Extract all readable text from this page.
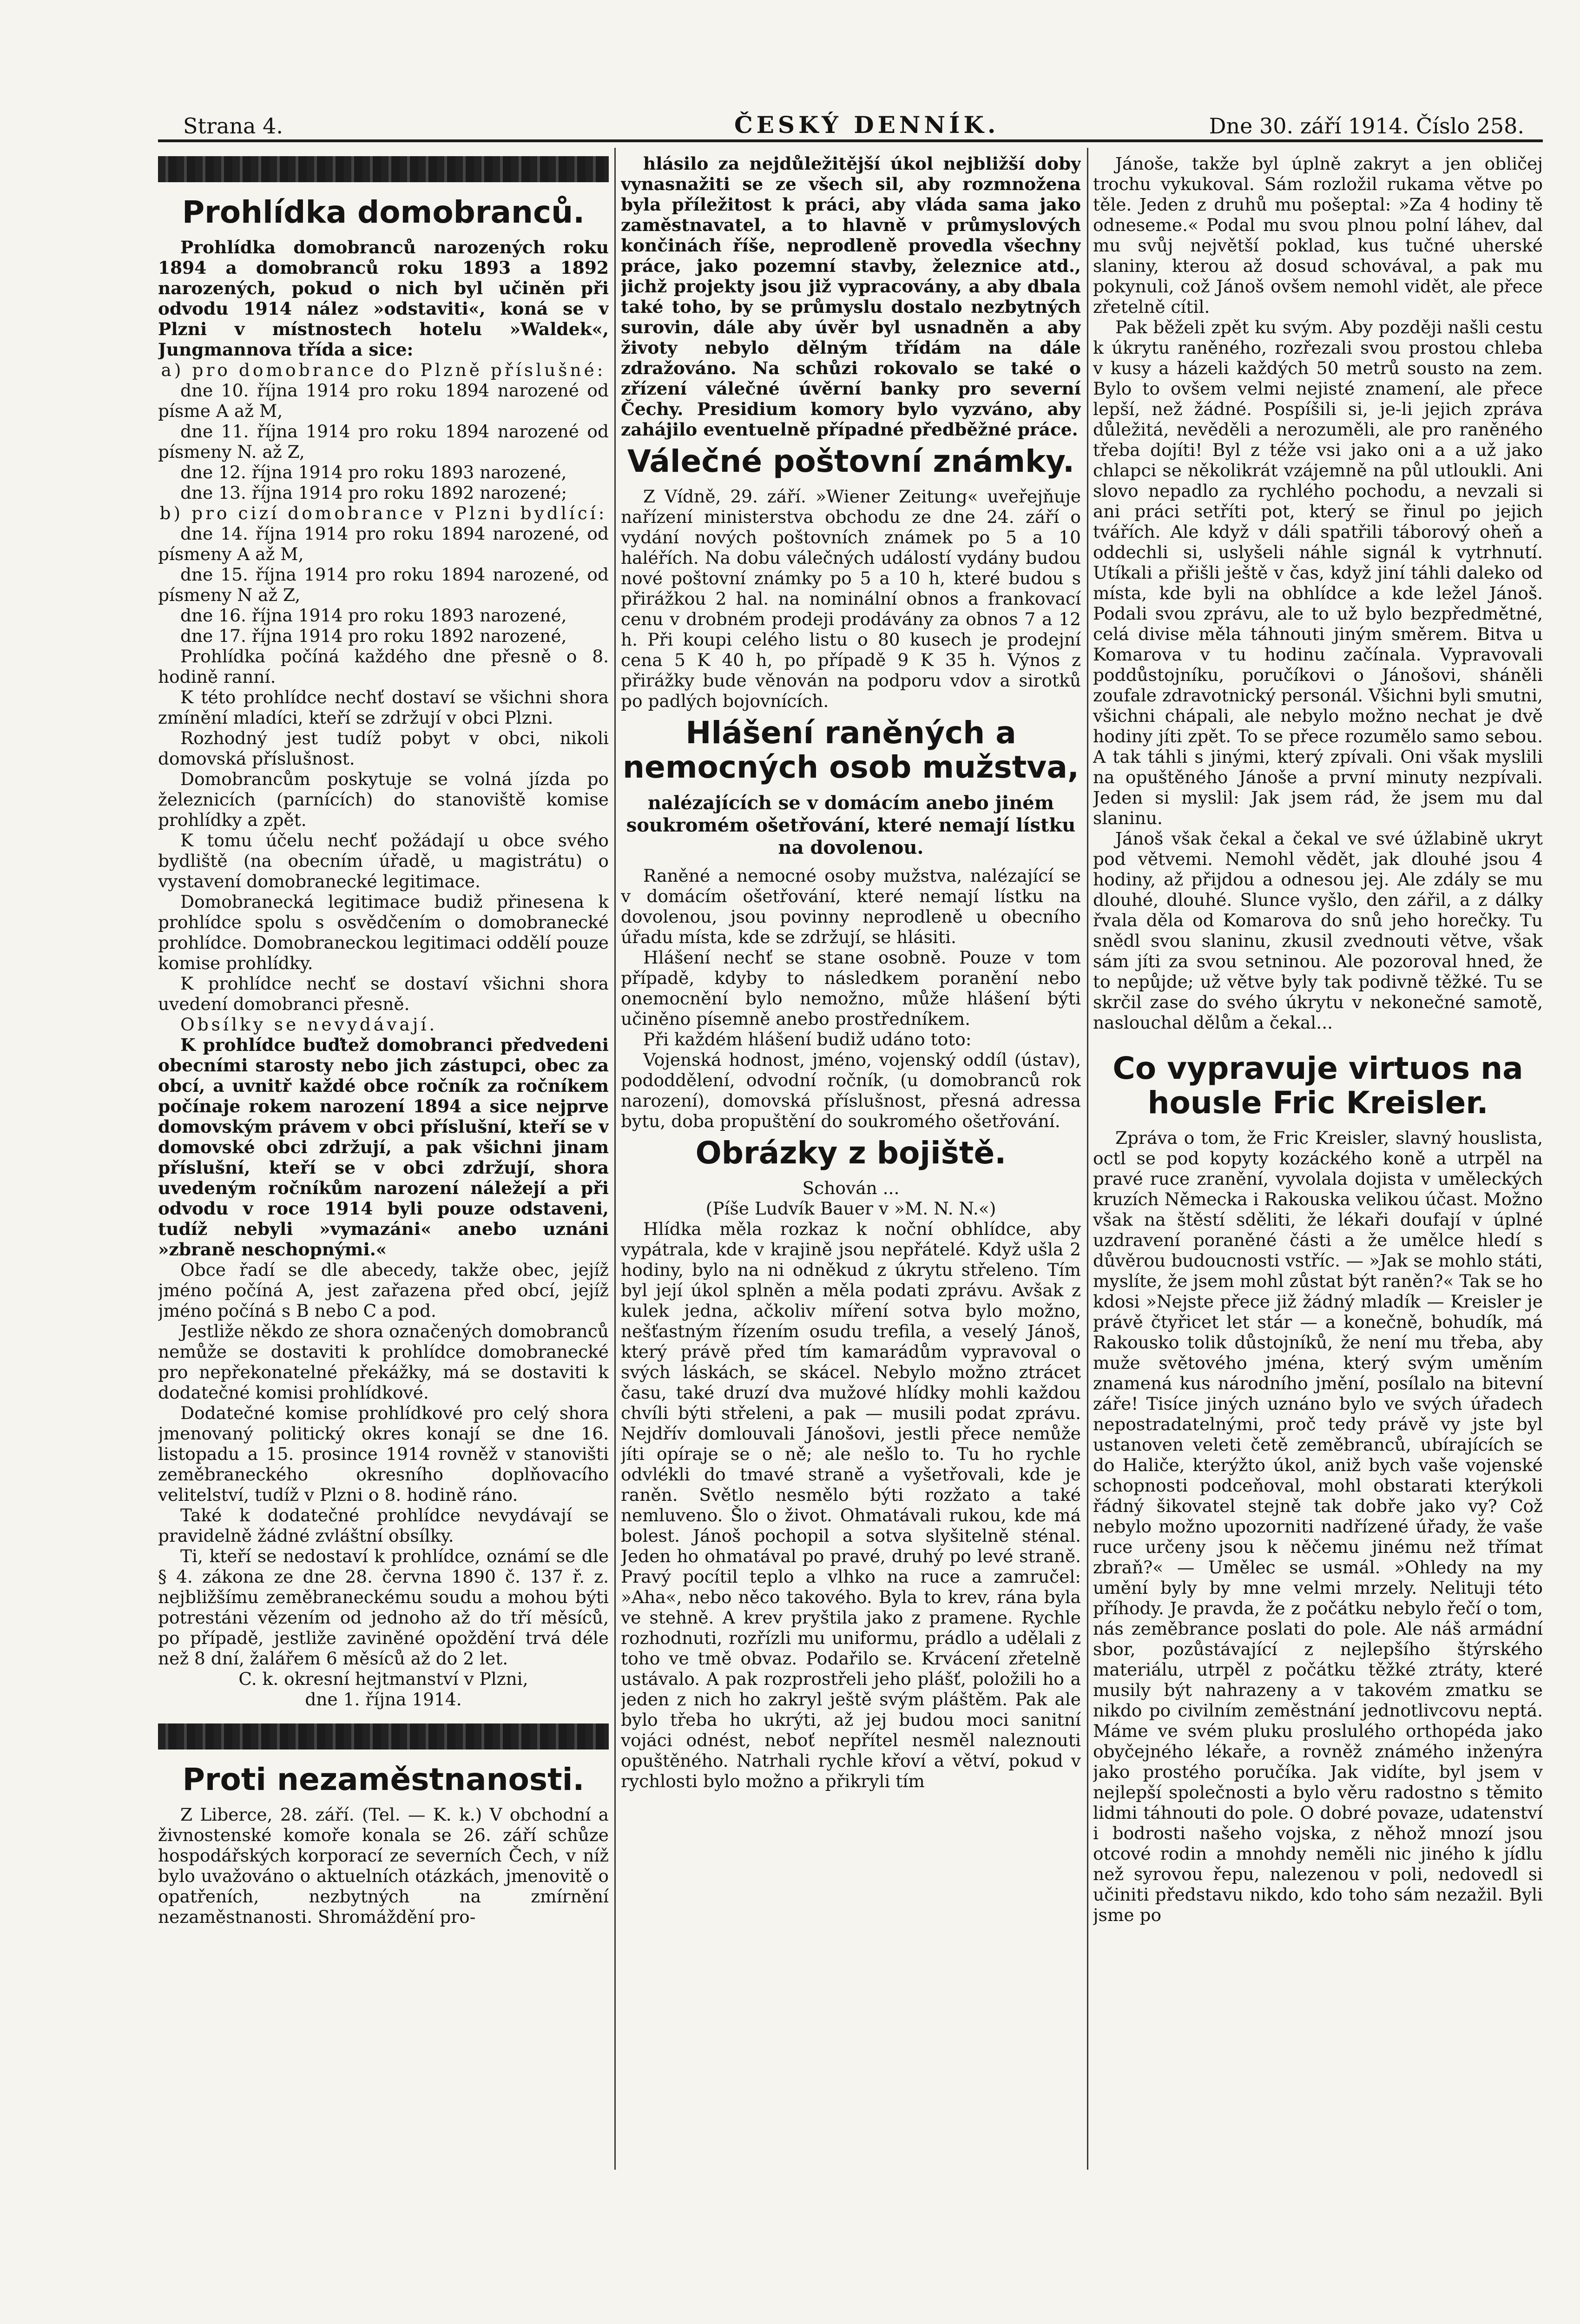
Strana 4.	ČESKÝ DENNÍK.	Dne 30. září 1914. Číslo 258.
Prohlídka domobranců.

Prohlídka domobranců narozených roku 1894 a domobranců roku 1893 a 1892 narozených, pokud o nich byl učiněn při odvodu 1914 nález »odstaviti«, koná se v Plzni v místnostech hotelu »Waldek«, Jungmannova třída a sice:

a) pro domobrance do Plzně příslušné:

dne 10. října 1914 pro roku 1894 narozené od písme A až M,

dne 11. října 1914 pro roku 1894 narozené od písmeny N. až Z,

dne 12. října 1914 pro roku 1893 narozené,

dne 13. října 1914 pro roku 1892 narozené;

b) pro cizí domobrance v Plzni bydlící:

dne 14. října 1914 pro roku 1894 narozené, od písmeny A až M,

dne 15. října 1914 pro roku 1894 narozené, od písmeny N až Z,

dne 16. října 1914 pro roku 1893 narozené,

dne 17. října 1914 pro roku 1892 narozené,

Prohlídka počíná každého dne přesně o 8. hodině ranní.

K této prohlídce nechť dostaví se všichni shora zmínění mladíci, kteří se zdržují v obci Plzni.

Rozhodný jest tudíž pobyt v obci, nikoli domovská příslušnost.

Domobrancům poskytuje se volná jízda po železnicích (parnících) do stanoviště komise prohlídky a zpět.

K tomu účelu nechť požádají u obce svého bydliště (na obecním úřadě, u magistrátu) o vystavení domobranecké legitimace.

Domobranecká legitimace budiž přinesena k prohlídce spolu s osvědčením o domobranecké prohlídce. Domobraneckou legitimaci oddělí pouze komise prohlídky.

K prohlídce nechť se dostaví všichni shora uvedení domobranci přesně.

Obsílky se nevydávají.

K prohlídce buďtež domobranci předvedeni obecními starosty nebo jich zástupci, obec za obcí, a uvnitř každé obce ročník za ročníkem počínaje rokem narození 1894 a sice nejprve domovským právem v obci příslušní, kteří se v domovské obci zdržují, a pak všichni jinam příslušní, kteří se v obci zdržují, shora uvedeným ročníkům narození náležejí a při odvodu v roce 1914 byli pouze odstaveni, tudíž nebyli »vymazáni« anebo uznáni »zbraně neschopnými.«

Obce řadí se dle abecedy, takže obec, jejíž jméno počíná A, jest zařazena před obcí, jejíž jméno počíná s B nebo C a pod.

Jestliže někdo ze shora označených domobranců nemůže se dostaviti k prohlídce domobranecké pro nepřekonatelné překážky, má se dostaviti k dodatečné komisi prohlídkové.

Dodatečné komise prohlídkové pro celý shora jmenovaný politický okres konají se dne 16. listopadu a 15. prosince 1914 rovněž v stanovišti zeměbraneckého okresního doplňovacího velitelství, tudíž v Plzni o 8. hodině ráno.

Také k dodatečné prohlídce nevydávají se pravidelně žádné zvláštní obsílky.

Ti, kteří se nedostaví k prohlídce, oznámí se dle § 4. zákona ze dne 28. června 1890 č. 137 ř. z. nejbližšímu zeměbraneckému soudu a mohou býti potrestáni vězením od jednoho až do tří měsíců, po případě, jestliže zaviněné opoždění trvá déle než 8 dní, žalářem 6 měsíců až do 2 let.

C. k. okresní hejtmanství v Plzni,

dne 1. října 1914.

Proti nezaměstnanosti.

Z Liberce, 28. září. (Tel. — K. k.) V obchodní a živnostenské komoře konala se 26. září schůze hospodářských korporací ze severních Čech, v níž bylo uvažováno o aktuelních otázkách, jmenovitě o opatřeních, nezbytných na zmírnění nezaměstnanosti. Shromáždění pro-

hlásilo za nejdůležitější úkol nejbližší doby vynasnažiti se ze všech sil, aby rozmnožena byla příležitost k práci, aby vláda sama jako zaměstnavatel, a to hlavně v průmyslových končinách říše, neprodleně provedla všechny práce, jako pozemní stavby, železnice atd., jichž projekty jsou již vypracovány, a aby dbala také toho, by se průmyslu dostalo nezbytných surovin, dále aby úvěr byl usnadněn a aby životy nebylo dělným třídám na dále zdražováno. Na schůzi rokovalo se také o zřízení válečné úvěrní banky pro severní Čechy. Presidium komory bylo vyzváno, aby zahájilo eventuelně případné předběžné práce.

Válečné poštovní známky.

Z Vídně, 29. září. »Wiener Zeitung« uveřejňuje nařízení ministerstva obchodu ze dne 24. září o vydání nových poštovních známek po 5 a 10 haléřích. Na dobu válečných událostí vydány budou nové poštovní známky po 5 a 10 h, které budou s přirážkou 2 hal. na nominální obnos a frankovací cenu v drobném prodeji prodávány za obnos 7 a 12 h. Při koupi celého listu o 80 kusech je prodejní cena 5 K 40 h, po případě 9 K 35 h. Výnos z přirážky bude věnován na podporu vdov a sirotků po padlých bojovnících.

Hlášení raněných a nemocných osob mužstva,
nalézajících se v domácím anebo jiném soukromém ošetřování, které nemají lístku na dovolenou.

Raněné a nemocné osoby mužstva, nalézající se v domácím ošetřování, které nemají lístku na dovolenou, jsou povinny neprodleně u obecního úřadu místa, kde se zdržují, se hlásiti.

Hlášení nechť se stane osobně. Pouze v tom případě, kdyby to následkem poranění nebo onemocnění bylo nemožno, může hlášení býti učiněno písemně anebo prostředníkem.

Při každém hlášení budiž udáno toto:

Vojenská hodnost, jméno, vojenský oddíl (ústav), pododdělení, odvodní ročník, (u domobranců rok narození), domovská příslušnost, přesná adressa bytu, doba propuštění do soukromého ošetřování.

Obrázky z bojiště.

Schován ...

(Píše Ludvík Bauer v »M. N. N.«)

Hlídka měla rozkaz k noční obhlídce, aby vypátrala, kde v krajině jsou nepřátelé. Když ušla 2 hodiny, bylo na ni odněkud z úkrytu střeleno. Tím byl její úkol splněn a měla podati zprávu. Avšak z kulek jedna, ačkoliv míření sotva bylo možno, nešťastným řízením osudu trefila, a veselý Jánoš, který právě před tím kamarádům vypravoval o svých láskách, se skácel. Nebylo možno ztrácet času, také druzí dva mužové hlídky mohli každou chvíli býti střeleni, a pak — musili podat zprávu. Nejdřív domlouvali Jánošovi, jestli přece nemůže jíti opíraje se o ně; ale nešlo to. Tu ho rychle odvlékli do tmavé straně a vyšetřovali, kde je raněn. Světlo nesmělo býti rozžato a také nemluveno. Šlo o život. Ohmatávali rukou, kde má bolest. Jánoš pochopil a sotva slyšitelně sténal. Jeden ho ohmatával po pravé, druhý po levé straně. Pravý pocítil teplo a vlhko na ruce a zamručel: »Aha«, nebo něco takového. Byla to krev, rána byla ve stehně. A krev pryštila jako z pramene. Rychle rozhodnuti, rozřízli mu uniformu, prádlo a udělali z toho ve tmě obvaz. Podařilo se. Krvácení zřetelně ustávalo. A pak rozprostřeli jeho plášť, položili ho a jeden z nich ho zakryl ještě svým pláštěm. Pak ale bylo třeba ho ukrýti, až jej budou moci sanitní vojáci odnést, neboť nepřítel nesměl naleznouti opuštěného. Natrhali rychle křoví a větví, pokud v rychlosti bylo možno a přikryli tím

Jánoše, takže byl úplně zakryt a jen obličej trochu vykukoval. Sám rozložil rukama větve po těle. Jeden z druhů mu pošeptal: »Za 4 hodiny tě odneseme.« Podal mu svou plnou polní láhev, dal mu svůj největší poklad, kus tučné uherské slaniny, kterou až dosud schovával, a pak mu pokynuli, což Jánoš ovšem nemohl vidět, ale přece zřetelně cítil.

Pak běželi zpět ku svým. Aby později našli cestu k úkrytu raněného, rozřezali svou prostou chleba v kusy a házeli každých 50 metrů sousto na zem. Bylo to ovšem velmi nejisté znamení, ale přece lepší, než žádné. Pospíšili si, je-li jejich zpráva důležitá, nevěděli a nerozuměli, ale pro raněného třeba dojíti! Byl z téže vsi jako oni a a už jako chlapci se několikrát vzájemně na půl utloukli. Ani slovo nepadlo za rychlého pochodu, a nevzali si ani práci setříti pot, který se řinul po jejich tvářích. Ale když v dáli spatřili táborový oheň a oddechli si, uslyšeli náhle signál k vytrhnutí. Utíkali a přišli ještě v čas, když jiní táhli daleko od místa, kde byli na obhlídce a kde ležel Jánoš. Podali svou zprávu, ale to už bylo bezpředmětné, celá divise měla táhnouti jiným směrem. Bitva u Komarova v tu hodinu začínala. Vypravovali poddůstojníku, poručíkovi o Jánošovi, sháněli zoufale zdravotnický personál. Všichni byli smutni, všichni chápali, ale nebylo možno nechat je dvě hodiny jíti zpět. To se přece rozumělo samo sebou. A tak táhli s jinými, který zpívali. Oni však myslili na opuštěného Jánoše a první minuty nezpívali. Jeden si myslil: Jak jsem rád, že jsem mu dal slaninu.

Jánoš však čekal a čekal ve své úžlabině ukryt pod větvemi. Nemohl vědět, jak dlouhé jsou 4 hodiny, až přijdou a odnesou jej. Ale zdály se mu dlouhé, dlouhé. Slunce vyšlo, den zářil, a z dálky řvala děla od Komarova do snů jeho horečky. Tu snědl svou slaninu, zkusil zvednouti větve, však sám jíti za svou setninou. Ale pozoroval hned, že to nepůjde; už větve byly tak podivně těžké. Tu se skrčil zase do svého úkrytu v nekonečné samotě, naslouchal dělům a čekal...

Co vypravuje virtuos na housle Fric Kreisler.

Zpráva o tom, že Fric Kreisler, slavný houslista, octl se pod kopyty kozáckého koně a utrpěl na pravé ruce zranění, vyvolala dojista v uměleckých kruzích Německa i Rakouska velikou účast. Možno však na štěstí sděliti, že lékaři doufají v úplné uzdravení poraněné části a že umělce hledí s důvěrou budoucnosti vstříc. — »Jak se mohlo státi, myslíte, že jsem mohl zůstat být raněn?« Tak se ho kdosi »Nejste přece již žádný mladík — Kreisler je právě čtyřicet let stár — a konečně, bohudík, má Rakousko tolik důstojníků, že není mu třeba, aby muže světového jména, který svým uměním znamená kus národního jmění, posílalo na bitevní záře! Tisíce jiných uznáno bylo ve svých úřadech nepostradatelnými, proč tedy právě vy jste byl ustanoven veleti četě zeměbranců, ubírajících se do Haliče, kterýžto úkol, aniž bych vaše vojenské schopnosti podceňoval, mohl obstarati kterýkoli řádný šikovatel stejně tak dobře jako vy? Což nebylo možno upozorniti nadřízené úřady, že vaše ruce určeny jsou k něčemu jinému než třímat zbraň?« — Umělec se usmál. »Ohledy na my umění byly by mne velmi mrzely. Nelituji této příhody. Je pravda, že z počátku nebylo řečí o tom, nás zeměbrance poslati do pole. Ale náš armádní sbor, pozůstávající z nejlepšího štýrského materiálu, utrpěl z počátku těžké ztráty, které musily být nahrazeny a v takovém zmatku se nikdo po civilním zeměstnání jednotlivcovu neptá. Máme ve svém pluku proslulého orthopéda jako obyčejného lékaře, a rovněž známého inženýra jako prostého poručíka. Jak vidíte, byl jsem v nejlepší společnosti a bylo věru radostno s těmito lidmi táhnouti do pole. O dobré povaze, udatenství i bodrosti našeho vojska, z něhož mnozí jsou otcové rodin a mnohdy neměli nic jiného k jídlu než syrovou řepu, nalezenou v poli, nedovedl si učiniti představu nikdo, kdo toho sám nezažil. Byli jsme po
